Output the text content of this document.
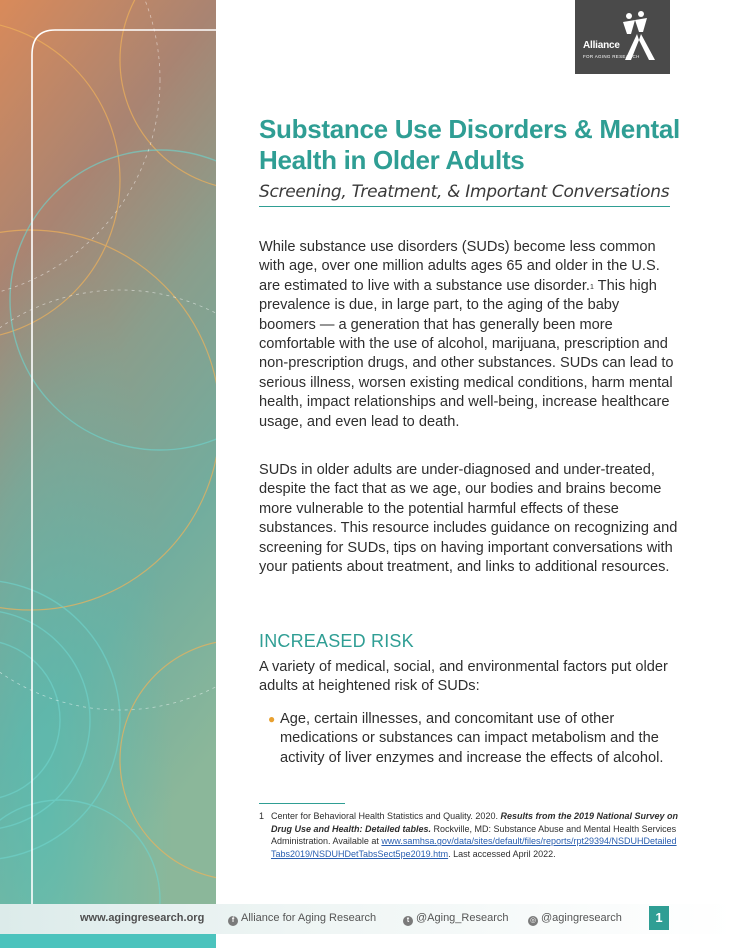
Alliance
FOR AGING RESEARCH
Substance Use Disorders & Mental Health in Older Adults

Screening, Treatment, & Important Conversations

While substance use disorders (SUDs) become less common with age, over one million adults ages 65 and older in the U.S. are estimated to live with a substance use disorder.$^1$ This high prevalence is due, in large part, to the aging of the baby boomers — a generation that has generally been more comfortable with the use of alcohol, marijuana, prescription and non-prescription drugs, and other substances. SUDs can lead to serious illness, worsen existing medical conditions, harm mental health, impact relationships and well-being, increase healthcare usage, and even lead to death.

SUDs in older adults are under-diagnosed and under-treated, despite the fact that as we age, our bodies and brains become more vulnerable to the potential harmful effects of these substances. This resource includes guidance on recognizing and screening for SUDs, tips on having important conversations with your patients about treatment, and links to additional resources.

INCREASED RISK

A variety of medical, social, and environmental factors put older adults at heightened risk of SUDs:

● Age, certain illnesses, and concomitant use of other medications or substances can impact metabolism and the activity of liver enzymes and increase the effects of alcohol.
1 Center for Behavioral Health Statistics and Quality. 2020. Results from the 2019 National Survey on Drug Use and Health: Detailed tables. Rockville, MD: Substance Abuse and Mental Health Services Administration. Available at www.samhsa.gov/data/sites/default/files/reports/rpt29394/NSDUHDetailedTabs2019/NSDUHDetTabsSect5pe2019.htm. Last accessed April 2022.
www.agingresearch.org	f Alliance for Aging Research	t @Aging_Research	◎ @agingresearch	1
